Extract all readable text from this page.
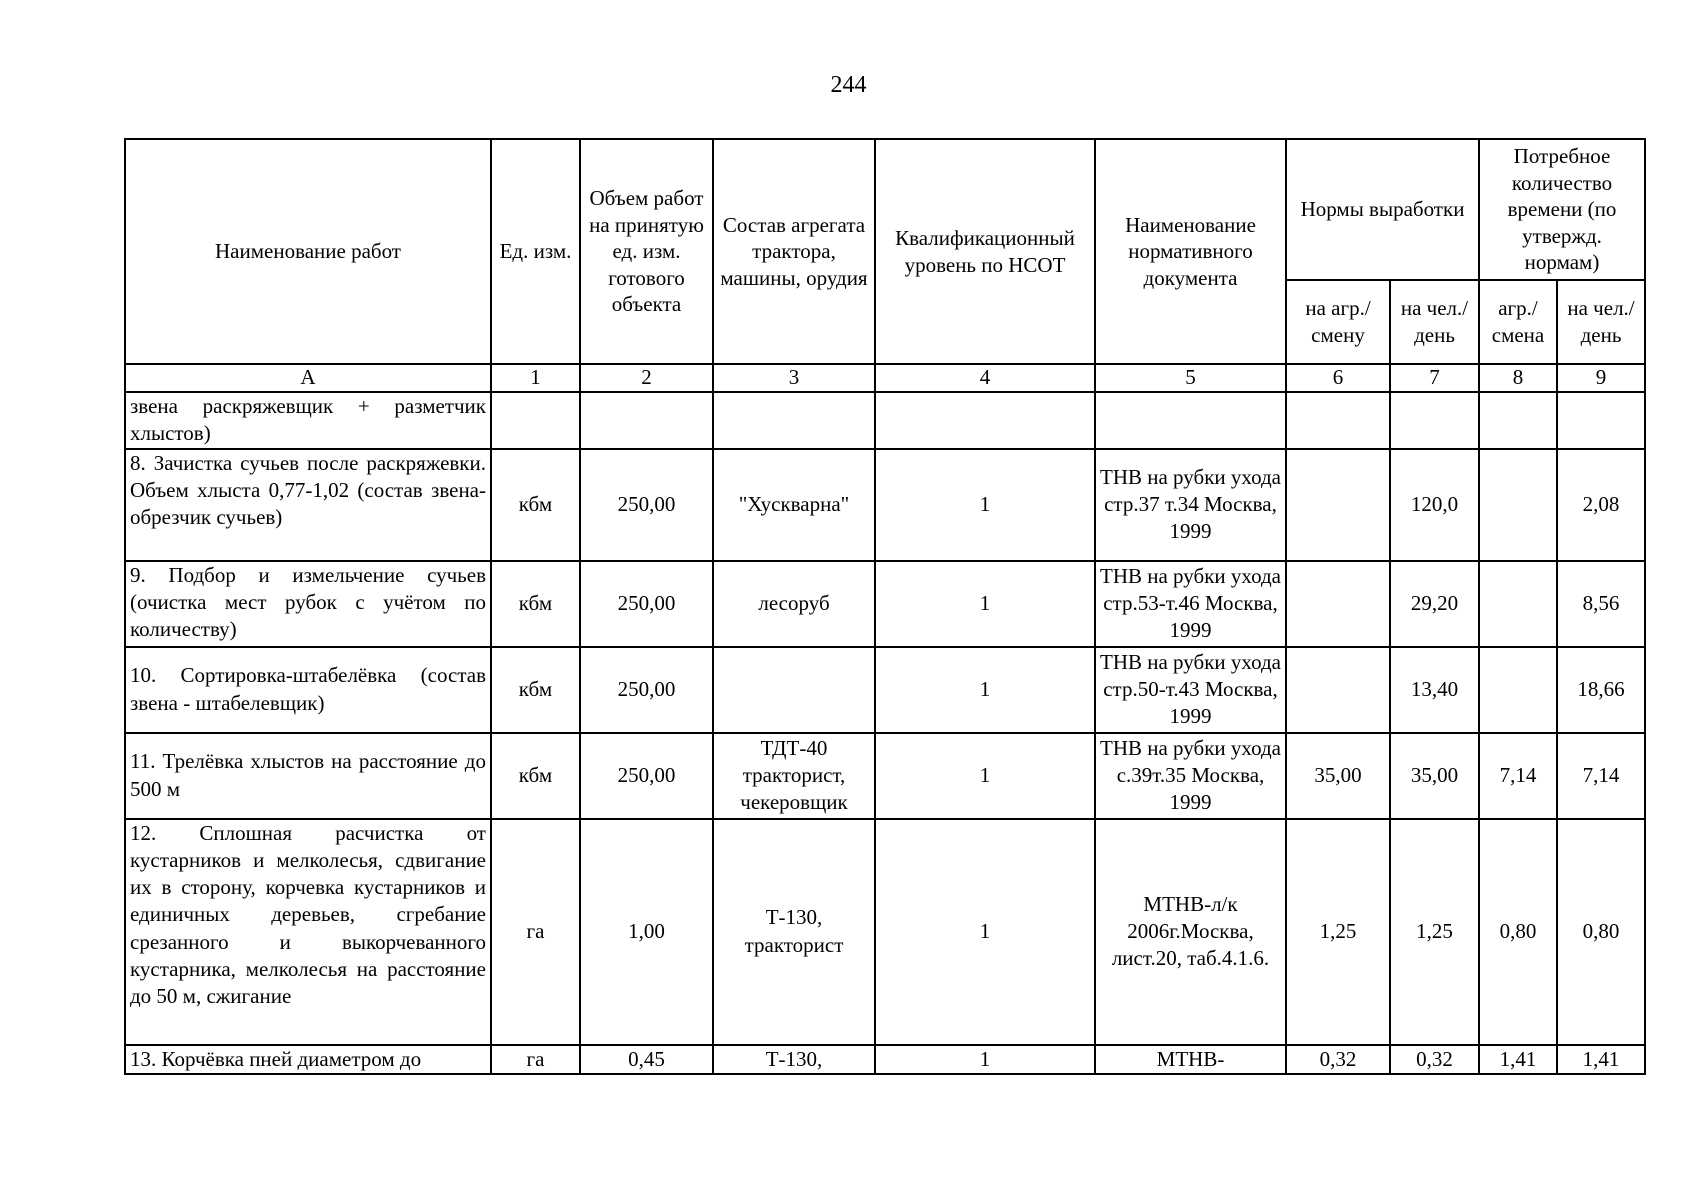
244
Наименование работ	Ед. изм.	Объем работ на принятую ед. изм. готового объекта	Состав агрегата трактора, машины, орудия	Квалификационный уровень по НСОТ	Наименование нормативного документа	Нормы выработки		Потребное количество времени (по утвержд. нормам)	
						на агр./ смену	на чел./ день	агр./ смена	на чел./ день
А	1	2	3	4	5	6	7	8	9
звена раскряжевщик + разметчик хлыстов)									
8. Зачистка сучьев после раскряжевки. Объем хлыста 0,77-1,02 (состав звена-обрезчик сучьев)	кбм	250,00	"Хускварна"	1	ТНВ на рубки ухода стр.37 т.34 Москва, 1999		120,0		2,08
9. Подбор и измельчение сучьев (очистка мест рубок с учётом по количеству)	кбм	250,00	лесоруб	1	ТНВ на рубки ухода стр.53-т.46 Москва, 1999		29,20		8,56
10. Сортировка-штабелёвка (состав звена - штабелевщик)	кбм	250,00		1	ТНВ на рубки ухода стр.50-т.43 Москва, 1999		13,40		18,66
11. Трелёвка хлыстов на расстояние до 500 м	кбм	250,00	ТДТ-40 тракторист, чекеровщик	1	ТНВ на рубки ухода с.39т.35 Москва, 1999	35,00	35,00	7,14	7,14
12. Сплошная расчистка от кустарников и мелколесья, сдвигание их в сторону, корчевка кустарников и единичных деревьев, сгребание срезанного и выкорчеванного кустарника, мелколесья на расстояние до 50 м, сжигание	га	1,00	Т-130, тракторист	1	МТНВ-л/к 2006г.Москва, лист.20, таб.4.1.6.	1,25	1,25	0,80	0,80
13. Корчёвка пней диаметром до	га	0,45	Т-130,	1	МТНВ-	0,32	0,32	1,41	1,41
